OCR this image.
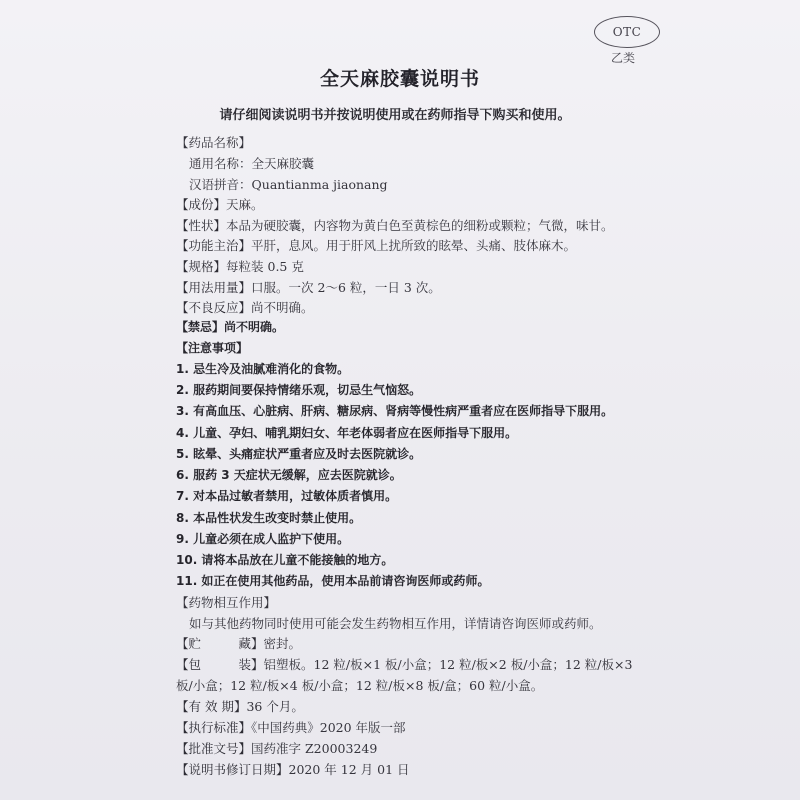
OTC
乙类
全天麻胶囊说明书
请仔细阅读说明书并按说明使用或在药师指导下购买和使用。
【药品名称】
通用名称：全天麻胶囊
汉语拼音：Quantianma jiaonang
【成份】天麻。
【性状】本品为硬胶囊，内容物为黄白色至黄棕色的细粉或颗粒；气微，味甘。
【功能主治】平肝，息风。用于肝风上扰所致的眩晕、头痛、肢体麻木。
【规格】每粒装 0.5 克
【用法用量】口服。一次 2～6 粒，一日 3 次。
【不良反应】尚不明确。
【禁忌】尚不明确。
【注意事项】
1. 忌生冷及油腻难消化的食物。
2. 服药期间要保持情绪乐观，切忌生气恼怒。
3. 有高血压、心脏病、肝病、糖尿病、肾病等慢性病严重者应在医师指导下服用。
4. 儿童、孕妇、哺乳期妇女、年老体弱者应在医师指导下服用。
5. 眩晕、头痛症状严重者应及时去医院就诊。
6. 服药 3 天症状无缓解，应去医院就诊。
7. 对本品过敏者禁用，过敏体质者慎用。
8. 本品性状发生改变时禁止使用。
9. 儿童必须在成人监护下使用。
10. 请将本品放在儿童不能接触的地方。
11. 如正在使用其他药品，使用本品前请咨询医师或药师。
【药物相互作用】
如与其他药物同时使用可能会发生药物相互作用，详情请咨询医师或药师。
【贮　　　藏】密封。
【包　　　装】铝塑板。12 粒/板×1 板/小盒；12 粒/板×2 板/小盒；12 粒/板×3
板/小盒；12 粒/板×4 板/小盒；12 粒/板×8 板/盒；60 粒/小盒。
【有 效 期】36 个月。
【执行标准】《中国药典》2020 年版一部
【批准文号】国药准字 Z20003249
【说明书修订日期】2020 年 12 月 01 日
